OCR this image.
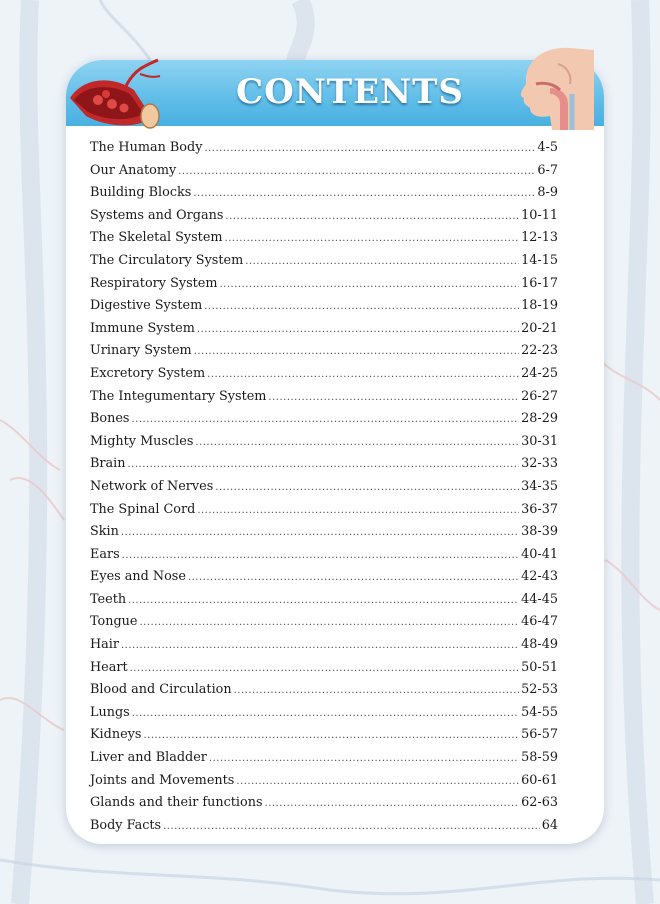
CONTENTS
The Human Body .....	4-5
Our Anatomy .....	6-7
Building Blocks .....	8-9
Systems and Organs .....	10-11
The Skeletal System .....	12-13
The Circulatory System .....	14-15
Respiratory System .....	16-17
Digestive System .....	18-19
Immune System .....	20-21
Urinary System .....	22-23
Excretory System .....	24-25
The Integumentary System .....	26-27
Bones .....	28-29
Mighty Muscles .....	30-31
Brain .....	32-33
Network of Nerves .....	34-35
The Spinal Cord .....	36-37
Skin .....	38-39
Ears .....	40-41
Eyes and Nose .....	42-43
Teeth .....	44-45
Tongue .....	46-47
Hair .....	48-49
Heart .....	50-51
Blood and Circulation .....	52-53
Lungs .....	54-55
Kidneys .....	56-57
Liver and Bladder .....	58-59
Joints and Movements .....	60-61
Glands and their functions .....	62-63
Body Facts .....	64
